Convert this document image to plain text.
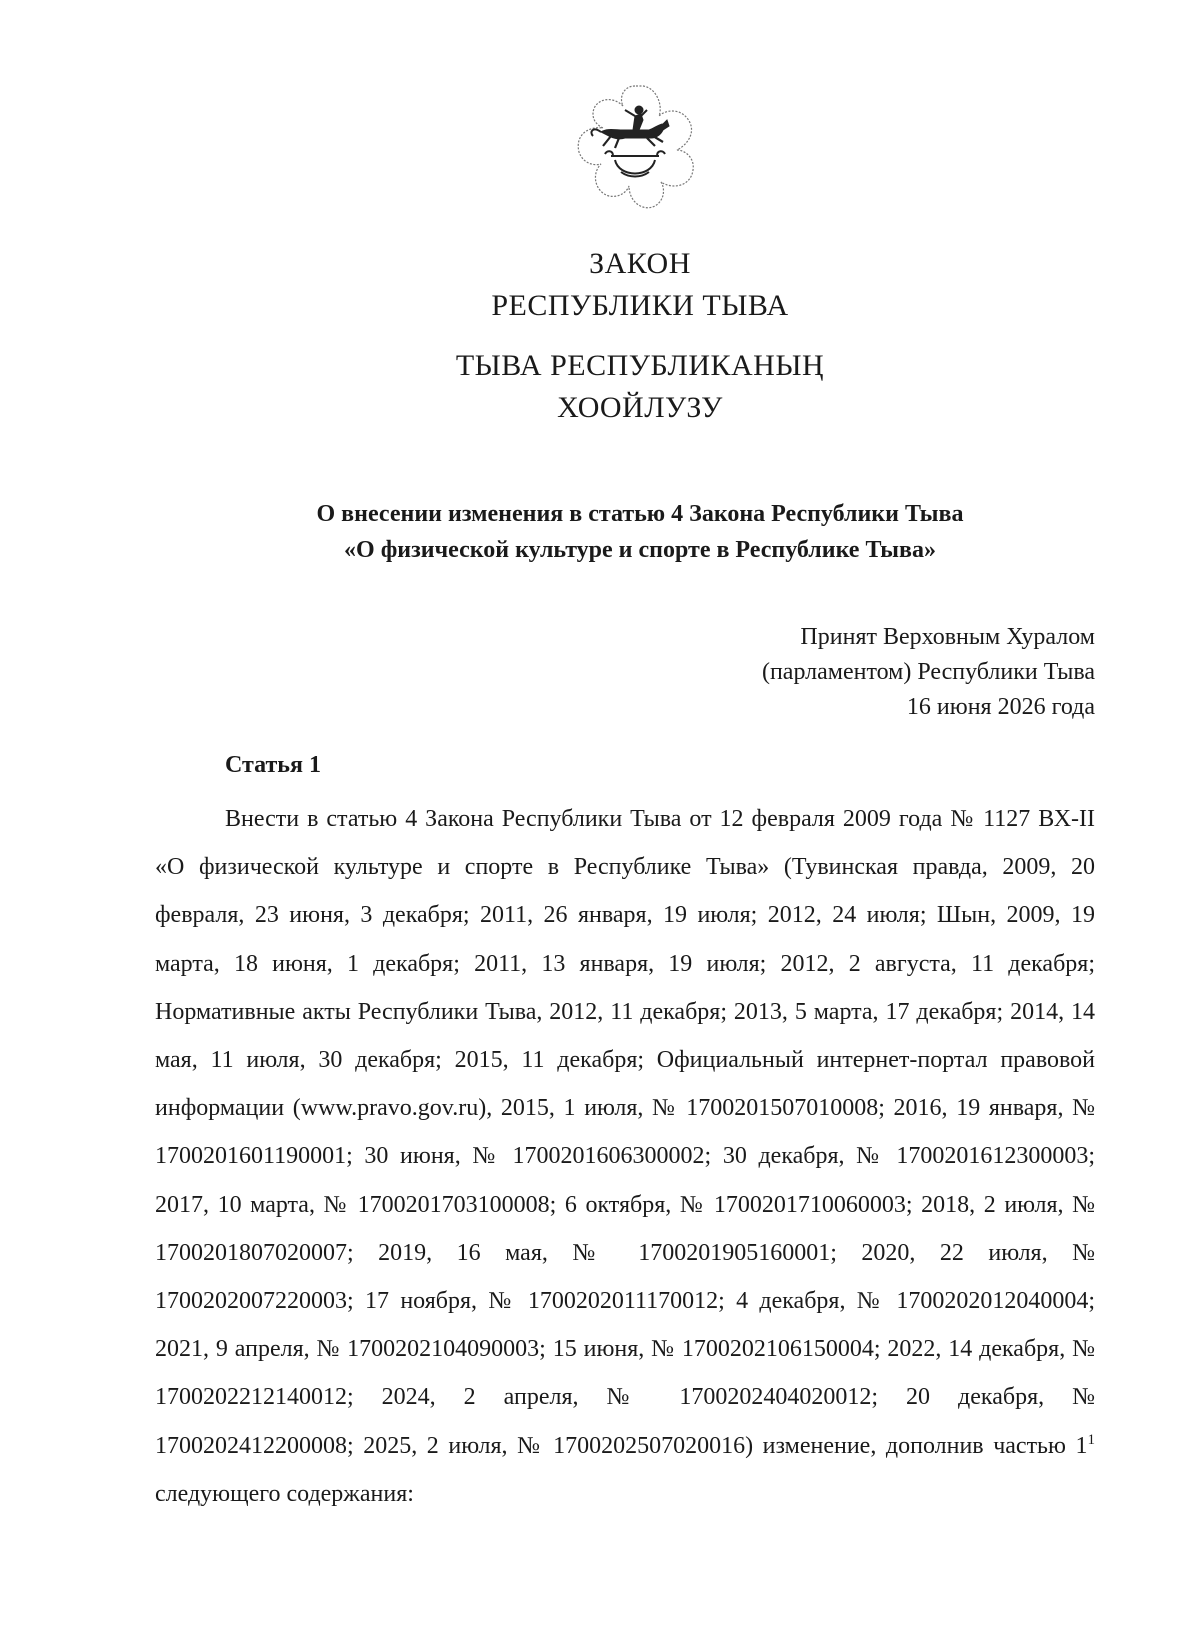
ЗАКОН
РЕСПУБЛИКИ ТЫВА
ТЫВА РЕСПУБЛИКАНЫҢ
ХООЙЛУЗУ
О внесении изменения в статью 4 Закона Республики Тыва
«О физической культуре и спорте в Республике Тыва»
Принят Верховным Хуралом
(парламентом) Республики Тыва
16 июня 2026 года
Статья 1

Внести в статью 4 Закона Республики Тыва от 12 февраля 2009 года № 1127 ВХ-II «О физической культуре и спорте в Республике Тыва» (Тувинская правда, 2009, 20 февраля, 23 июня, 3 декабря; 2011, 26 января, 19 июля; 2012, 24 июля; Шын, 2009, 19 марта, 18 июня, 1 декабря; 2011, 13 января, 19 июля; 2012, 2 августа, 11 декабря; Нормативные акты Республики Тыва, 2012, 11 декабря; 2013, 5 марта, 17 декабря; 2014, 14 мая, 11 июля, 30 декабря; 2015, 11 декабря; Официальный интернет-портал правовой информации (www.pravo.gov.ru), 2015, 1 июля, № 1700201507010008; 2016, 19 января, № 1700201601190001; 30 июня, № 1700201606300002; 30 декабря, № 1700201612300003; 2017, 10 марта, № 1700201703100008; 6 октября, № 1700201710060003; 2018, 2 июля, № 1700201807020007; 2019, 16 мая, № 1700201905160001; 2020, 22 июля, № 1700202007220003; 17 ноября, № 1700202011170012; 4 декабря, № 1700202012040004; 2021, 9 апреля, № 1700202104090003; 15 июня, № 1700202106150004; 2022, 14 декабря, № 1700202212140012; 2024, 2 апреля, № 1700202404020012; 20 декабря, № 1700202412200008; 2025, 2 июля, № 1700202507020016) изменение, дополнив частью $1^1$ следующего содержания:
